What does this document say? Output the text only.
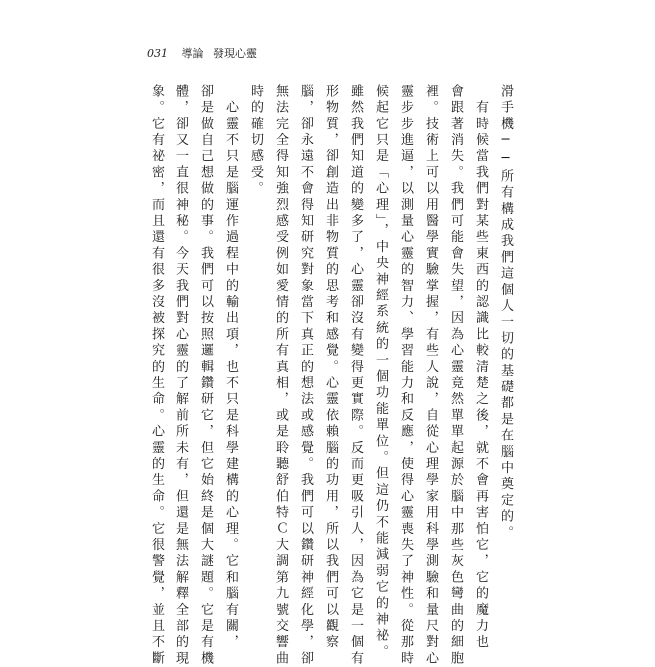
031 導論 發現心靈
滑手機──所有構成我們這個人一切的基礎都是在腦中奠定的。
　有時候當我們對某些東西的認識比較清楚之後，就不會再害怕它，它的魔力也
會跟著消失。我們可能會失望，因為心靈竟然單單起源於腦中那些灰色彎曲的細胞
裡。技術上可以用醫學實驗掌握，有些人說，自從心理學家用科學測驗和量尺對心
靈步步進逼，以測量心靈的智力、學習能力和反應，使得心靈喪失了神性。從那時
候起它只是「心理」，中央神經系統的一個功能單位。但這仍不能減弱它的神祕。
雖然我們知道的變多了，心靈卻沒有變得更實際。反而更吸引人，因為它是一個有
形物質，卻創造出非物質的思考和感覺。心靈依賴腦的功用，所以我們可以觀察
腦，卻永遠不會得知研究對象當下真正的想法或感覺。我們可以鑽研神經化學，卻
無法完全得知強烈感受例如愛情的所有真相，或是聆聽舒伯特Ｃ大調第九號交響曲
時的確切感受。
　心靈不只是腦運作過程中的輸出項，也不只是科學建構的心理。它和腦有關，
卻是做自己想做的事。我們可以按照邏輯鑽研它，但它始終是個大謎題。它是有機
體，卻又一直很神秘。今天我們對心靈的了解前所未有，但還是無法解釋全部的現
象。它有祕密，而且還有很多沒被探究的生命。心靈的生命。它很警覺，並且不斷
